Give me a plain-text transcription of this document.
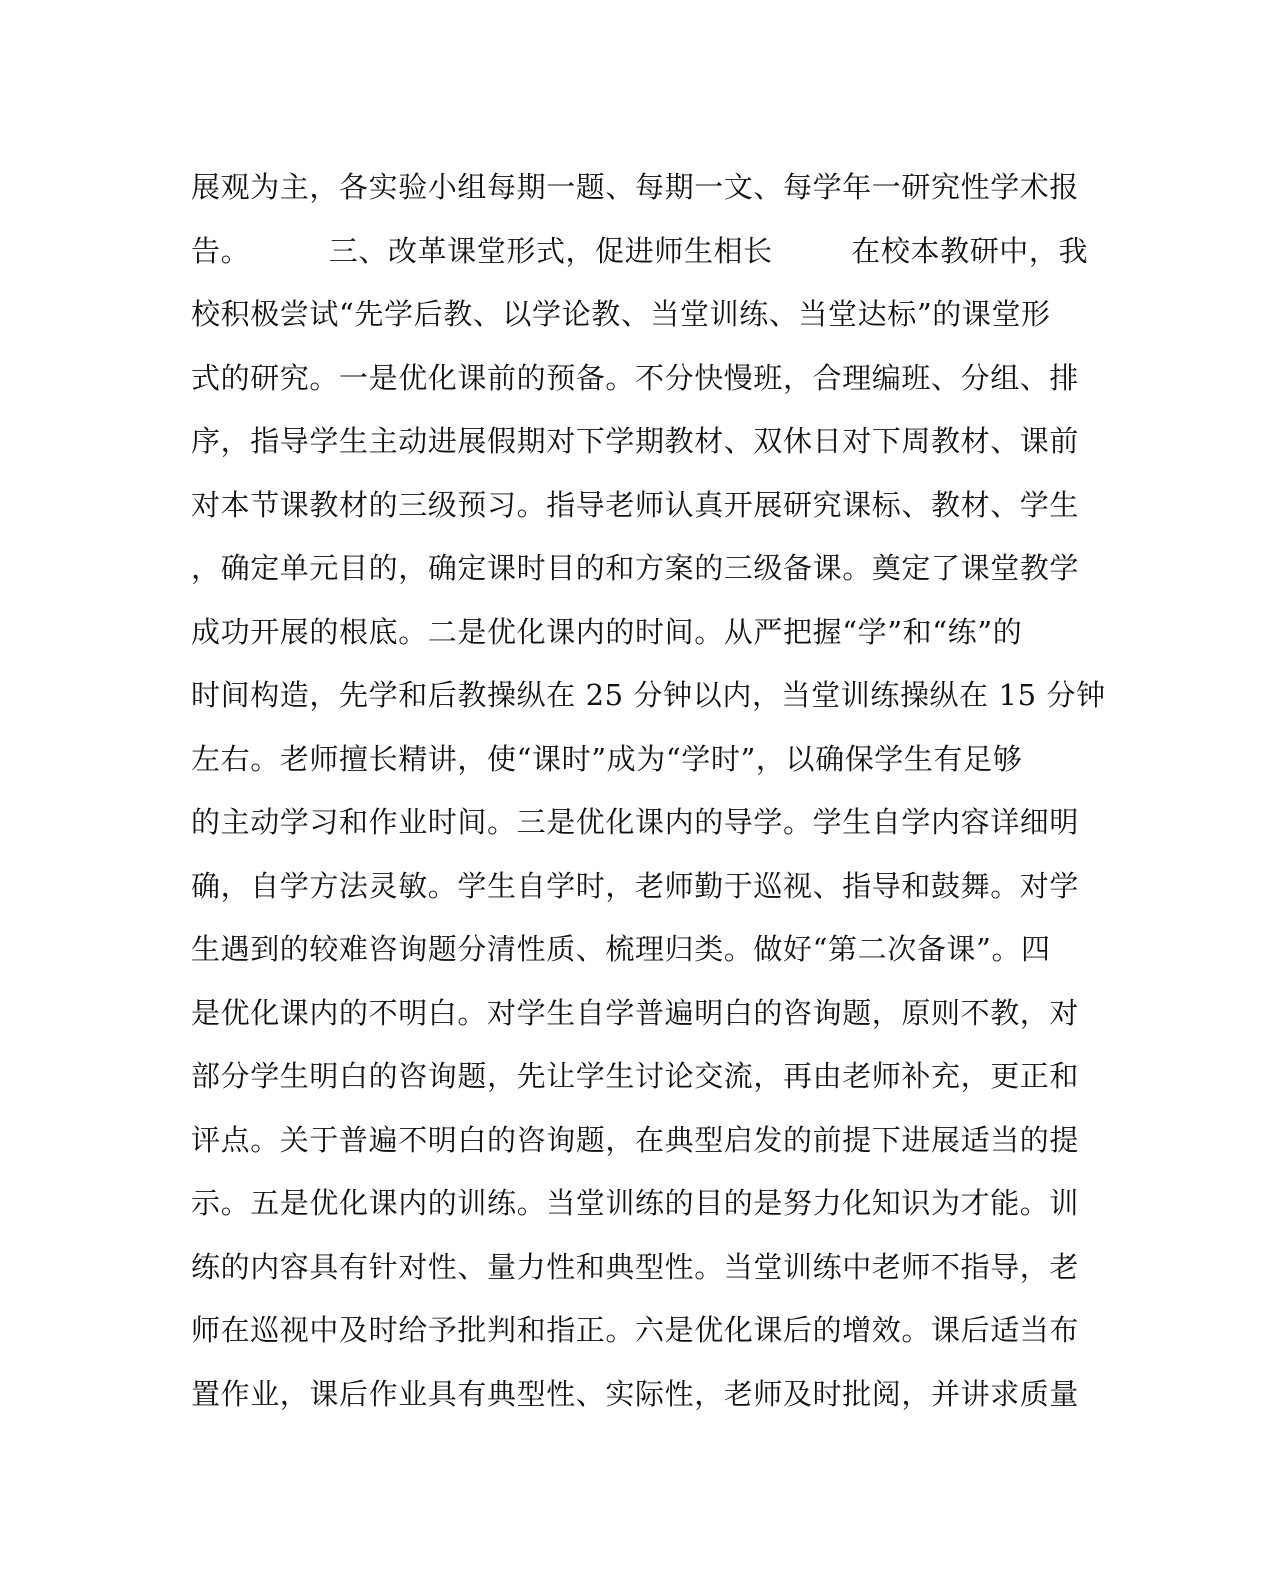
展观为主，各实验小组每期一题、每期一文、每学年一研究性学术报
告。        三、改革课堂形式，促进师生相长        在校本教研中，我
校积极尝试“先学后教、以学论教、当堂训练、当堂达标”的课堂形
式的研究。一是优化课前的预备。不分快慢班，合理编班、分组、排
序，指导学生主动进展假期对下学期教材、双休日对下周教材、课前
对本节课教材的三级预习。指导老师认真开展研究课标、教材、学生
，确定单元目的，确定课时目的和方案的三级备课。奠定了课堂教学
成功开展的根底。二是优化课内的时间。从严把握“学”和“练”的
时间构造，先学和后教操纵在 25 分钟以内，当堂训练操纵在 15 分钟
左右。老师擅长精讲，使“课时”成为“学时”，以确保学生有足够
的主动学习和作业时间。三是优化课内的导学。学生自学内容详细明
确，自学方法灵敏。学生自学时，老师勤于巡视、指导和鼓舞。对学
生遇到的较难咨询题分清性质、梳理归类。做好“第二次备课”。四
是优化课内的不明白。对学生自学普遍明白的咨询题，原则不教，对
部分学生明白的咨询题，先让学生讨论交流，再由老师补充，更正和
评点。关于普遍不明白的咨询题，在典型启发的前提下进展适当的提
示。五是优化课内的训练。当堂训练的目的是努力化知识为才能。训
练的内容具有针对性、量力性和典型性。当堂训练中老师不指导，老
师在巡视中及时给予批判和指正。六是优化课后的增效。课后适当布
置作业，课后作业具有典型性、实际性，老师及时批阅，并讲求质量
